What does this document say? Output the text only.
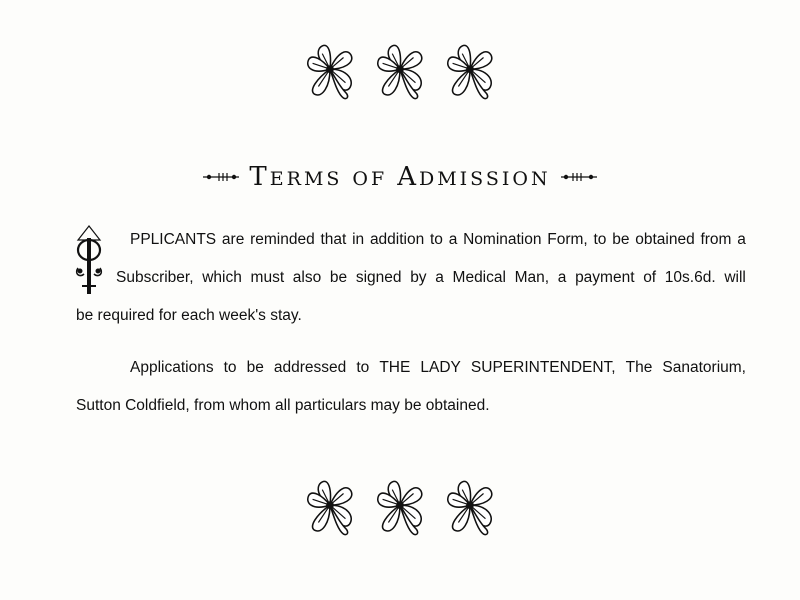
TERMS OF ADMISSION
PPLICANTS are reminded that in addition to a Nomination Form, to be obtained from a
Subscriber, which must also be signed by a Medical Man, a payment of 10s.6d. will
be required for each week's stay.
Applications to be addressed to THE LADY SUPERINTENDENT, The Sanatorium,
Sutton Coldfield, from whom all particulars may be obtained.
